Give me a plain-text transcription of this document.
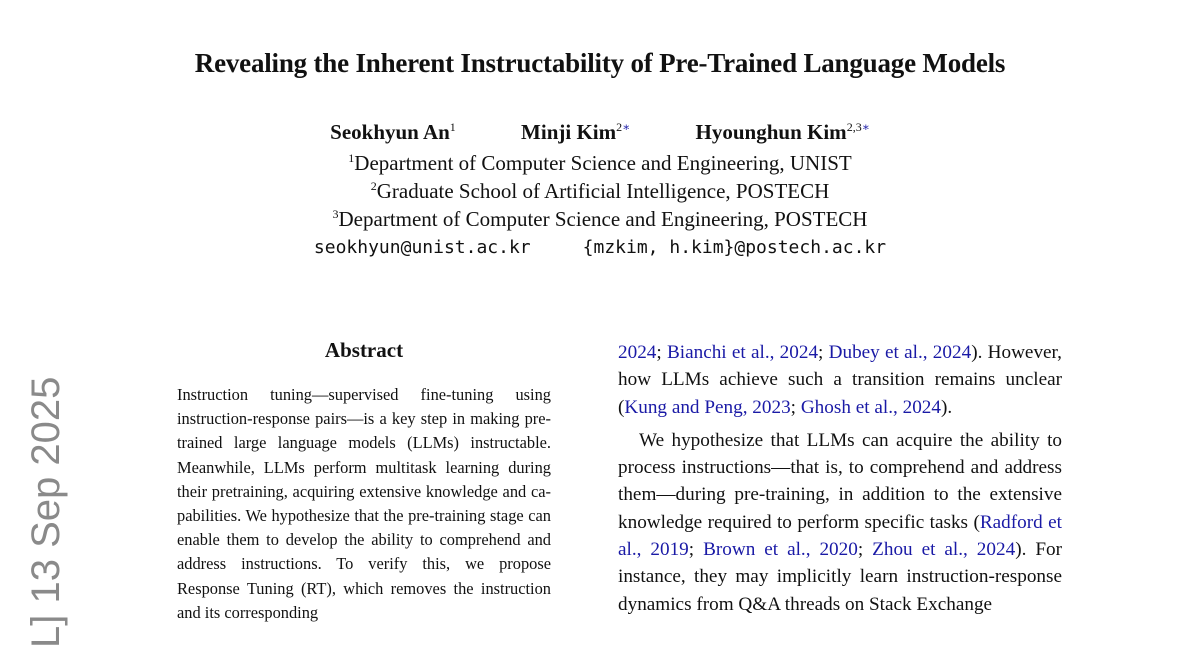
Revealing the Inherent Instructability of Pre-Trained Language Models
Seokhyun An$^1$	Minji Kim$^{2∗}$	Hyounghun Kim$^{2,3∗}$
$^1$Department of Computer Science and Engineering, UNIST
$^2$Graduate School of Artificial Intelligence, POSTECH
$^3$Department of Computer Science and Engineering, POSTECH
seokhyun@unist.ac.kr	{mzkim, h.kim}@postech.ac.kr
L] 13 Sep 2025
Abstract
Instruction tuning—supervised fine-tuning using instruction-response pairs—is a key step in making pre-trained large language models (LLMs) instructable. Meanwhile, LLMs perform multitask learning during their pretraining, acquiring extensive knowledge and capabilities. We hypothesize that the pre-training stage can enable them to develop the ability to comprehend and address instructions. To verify this, we propose Response Tuning (RT), which removes the instruction and its corresponding

2024; Bianchi et al., 2024; Dubey et al., 2024). However, how LLMs achieve such a transition remains unclear (Kung and Peng, 2023; Ghosh et al., 2024).

We hypothesize that LLMs can acquire the ability to process instructions—that is, to comprehend and address them—during pre-training, in addition to the extensive knowledge required to perform specific tasks (Radford et al., 2019; Brown et al., 2020; Zhou et al., 2024). For instance, they may implicitly learn instruction-response dynamics from Q&A threads on Stack Exchange
